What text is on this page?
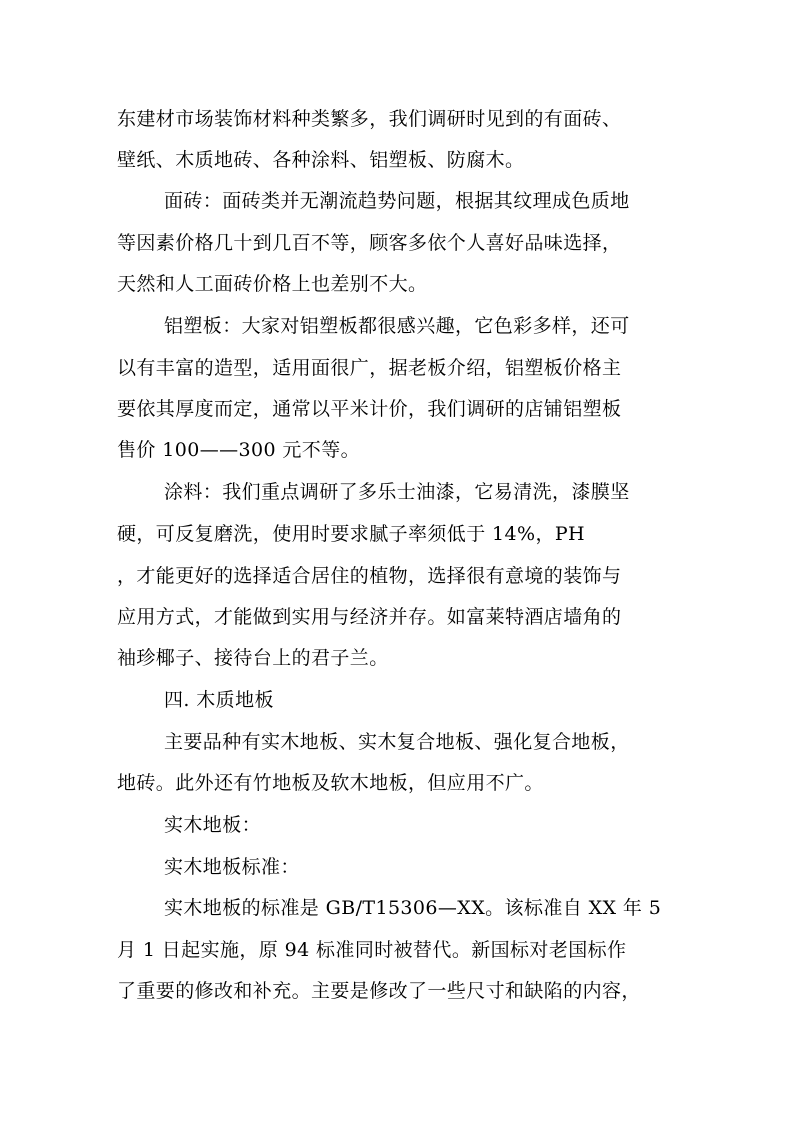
东建材市场装饰材料种类繁多，我们调研时见到的有面砖、
壁纸、木质地砖、各种涂料、铝塑板、防腐木。
面砖：面砖类并无潮流趋势问题，根据其纹理成色质地
等因素价格几十到几百不等，顾客多依个人喜好品味选择，
天然和人工面砖价格上也差别不大。
铝塑板：大家对铝塑板都很感兴趣，它色彩多样，还可
以有丰富的造型，适用面很广，据老板介绍，铝塑板价格主
要依其厚度而定，通常以平米计价，我们调研的店铺铝塑板
售价 100——300 元不等。
涂料：我们重点调研了多乐士油漆，它易清洗，漆膜坚
硬，可反复磨洗，使用时要求腻子率须低于 14%，PH
，才能更好的选择适合居住的植物，选择很有意境的装饰与
应用方式，才能做到实用与经济并存。如富莱特酒店墙角的
袖珍椰子、接待台上的君子兰。
四. 木质地板
主要品种有实木地板、实木复合地板、强化复合地板，
地砖。此外还有竹地板及软木地板，但应用不广。
实木地板：
实木地板标准：
实木地板的标准是 GB/T15306—XX。该标准自 XX 年 5
月 1 日起实施，原 94 标准同时被替代。新国标对老国标作
了重要的修改和补充。主要是修改了一些尺寸和缺陷的内容，
